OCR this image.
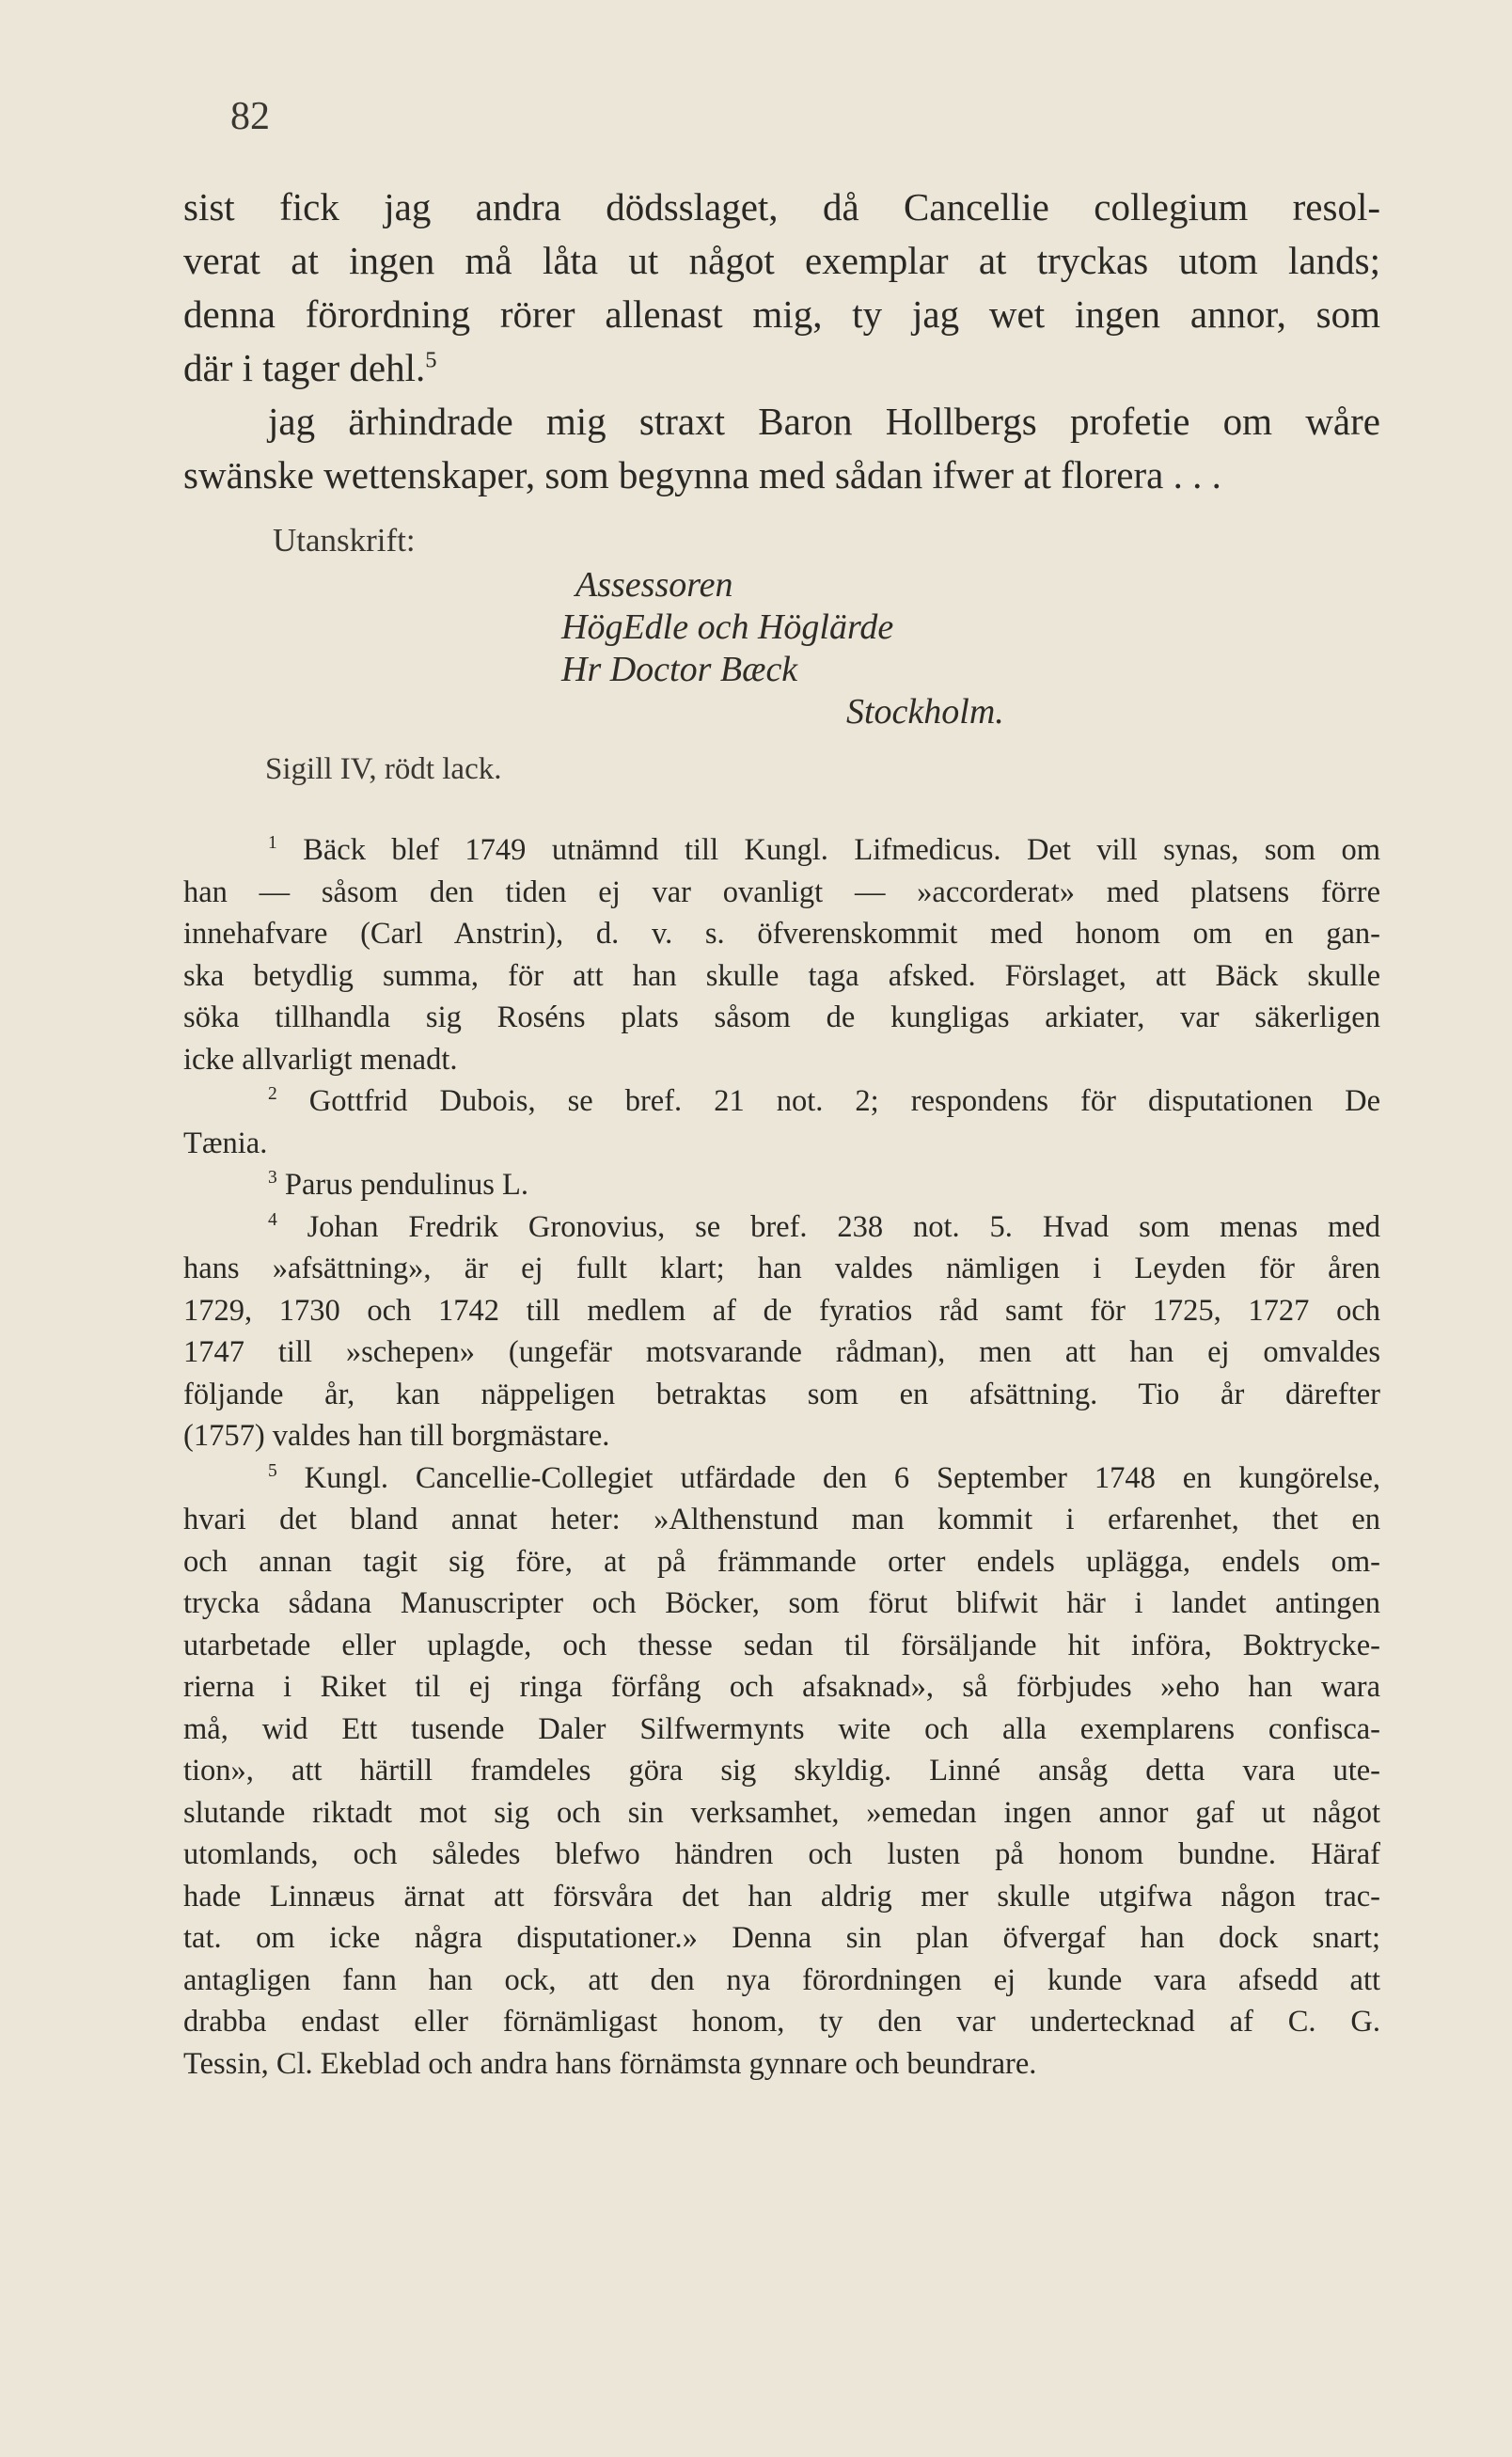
82
sist fick jag andra dödsslaget, då Cancellie collegium resol-
verat at ingen må låta ut något exemplar at tryckas utom lands;
denna förordning rörer allenast mig, ty jag wet ingen annor, som
där i tager dehl.$^5$
jag ärhindrade mig straxt Baron Hollbergs profetie om wåre
swänske wettenskaper, som begynna med sådan ifwer at florera . . .
Utanskrift:
Assessoren
HögEdle och Höglärde
Hr Doctor Bæck
Stockholm.
Sigill IV, rödt lack.
$^1$ Bäck blef 1749 utnämnd till Kungl. Lifmedicus. Det vill synas, som om
han — såsom den tiden ej var ovanligt — »accorderat» med platsens förre
innehafvare (Carl Anstrin), d. v. s. öfverenskommit med honom om en gan-
ska betydlig summa, för att han skulle taga afsked. Förslaget, att Bäck skulle
söka tillhandla sig Roséns plats såsom de kungligas arkiater, var säkerligen
icke allvarligt menadt.
$^2$ Gottfrid Dubois, se bref. 21 not. 2; respondens för disputationen De
Tænia.
$^3$ Parus pendulinus L.
$^4$ Johan Fredrik Gronovius, se bref. 238 not. 5. Hvad som menas med
hans »afsättning», är ej fullt klart; han valdes nämligen i Leyden för åren
1729, 1730 och 1742 till medlem af de fyratios råd samt för 1725, 1727 och
1747 till »schepen» (ungefär motsvarande rådman), men att han ej omvaldes
följande år, kan näppeligen betraktas som en afsättning. Tio år därefter
(1757) valdes han till borgmästare.
$^5$ Kungl. Cancellie-Collegiet utfärdade den 6 September 1748 en kungörelse,
hvari det bland annat heter: »Althenstund man kommit i erfarenhet, thet en
och annan tagit sig före, at på främmande orter endels uplägga, endels om-
trycka sådana Manuscripter och Böcker, som förut blifwit här i landet antingen
utarbetade eller uplagde, och thesse sedan til försäljande hit införa, Boktrycke-
rierna i Riket til ej ringa förfång och afsaknad», så förbjudes »eho han wara
må, wid Ett tusende Daler Silfwermynts wite och alla exemplarens confisca-
tion», att härtill framdeles göra sig skyldig. Linné ansåg detta vara ute-
slutande riktadt mot sig och sin verksamhet, »emedan ingen annor gaf ut något
utomlands, och således blefwo händren och lusten på honom bundne. Häraf
hade Linnæus ärnat att försvåra det han aldrig mer skulle utgifwa någon trac-
tat. om icke några disputationer.» Denna sin plan öfvergaf han dock snart;
antagligen fann han ock, att den nya förordningen ej kunde vara afsedd att
drabba endast eller förnämligast honom, ty den var undertecknad af C. G.
Tessin, Cl. Ekeblad och andra hans förnämsta gynnare och beundrare.
